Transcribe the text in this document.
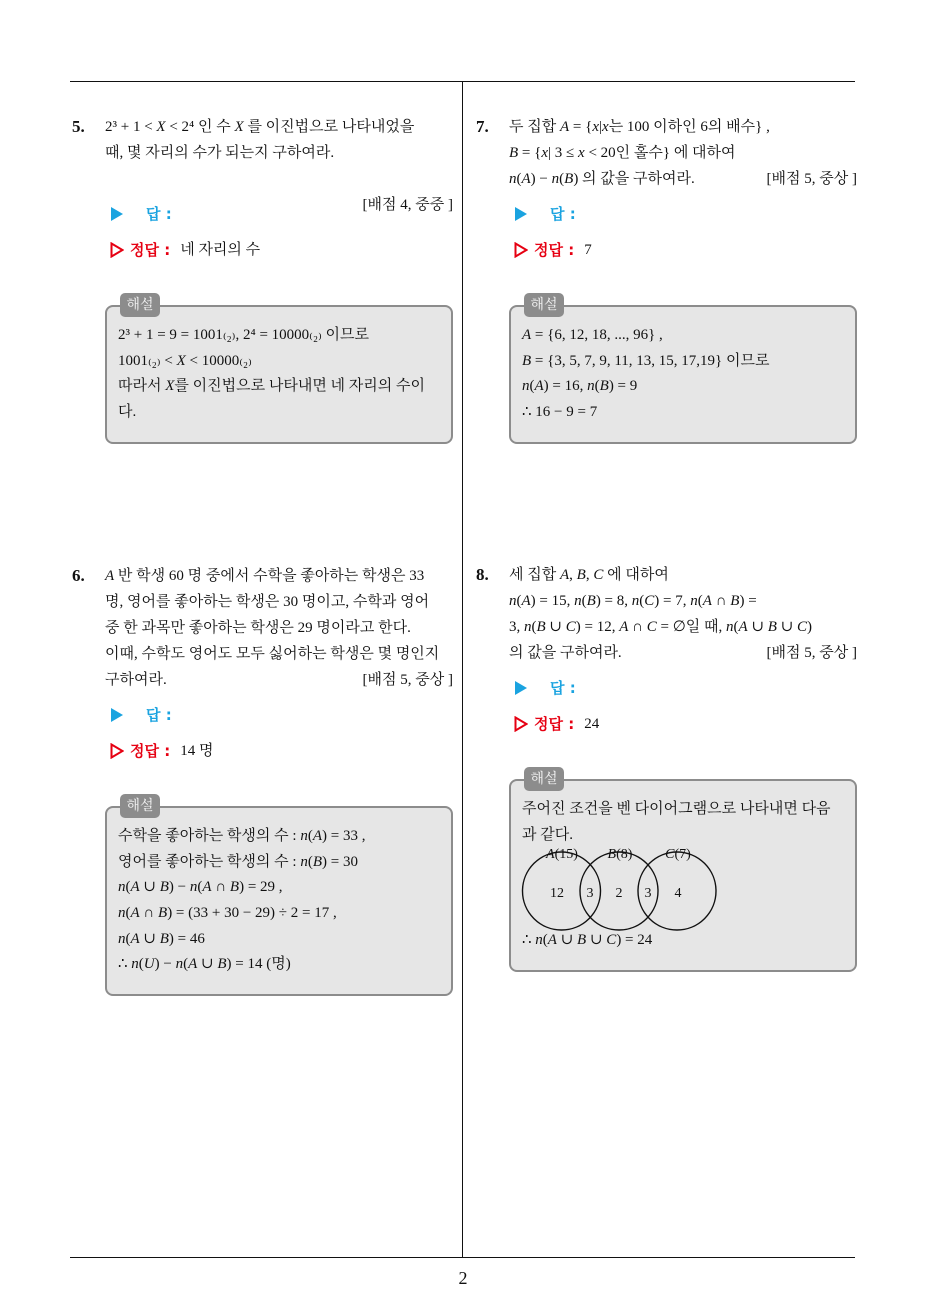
5. 2³ + 1 < X < 2⁴ 인 수 X 를 이진법으로 나타내었을
때, 몇 자리의 수가 되는지 구하여라.

[배점 4, 중중 ]

답 :
정답 : 네 자리의 수
해설
2³ + 1 = 9 = 1001₍₂₎, 2⁴ = 10000₍₂₎ 이므로
1001₍₂₎ < X < 10000₍₂₎
따라서 X를 이진법으로 나타내면 네 자리의 수이
다.
7. 두 집합 A = {x|x는 100 이하인 6의 배수} ,
B = {x| 3 ≤ x < 20인 홀수} 에 대하여
n(A) − n(B) 의 값을 구하여라.	[배점 5, 중상 ]
답 :
정답 : 7
해설
A = {6, 12, 18, ..., 96} ,
B = {3, 5, 7, 9, 11, 13, 15, 17,19} 이므로
n(A) = 16, n(B) = 9
∴ 16 − 9 = 7
6. A 반 학생 60 명 중에서 수학을 좋아하는 학생은 33
명, 영어를 좋아하는 학생은 30 명이고, 수학과 영어
중 한 과목만 좋아하는 학생은 29 명이라고 한다.
이때, 수학도 영어도 모두 싫어하는 학생은 몇 명인지
구하여라.	[배점 5, 중상 ]
답 :
정답 : 14 명
해설
수학을 좋아하는 학생의 수 : n(A) = 33 ,
영어를 좋아하는 학생의 수 : n(B) = 30
n(A ∪ B) − n(A ∩ B) = 29 ,
n(A ∩ B) = (33 + 30 − 29) ÷ 2 = 17 ,
n(A ∪ B) = 46
∴ n(U) − n(A ∪ B) = 14 (명)
8. 세 집합 A, B, C 에 대하여
n(A) = 15, n(B) = 8, n(C) = 7, n(A ∩ B) =
3, n(B ∪ C) = 12, A ∩ C = ∅일 때, n(A ∪ B ∪ C)
의 값을 구하여라.	[배점 5, 중상 ]
답 :
정답 : 24
해설
주어진 조건을 벤 다이어그램으로 나타내면 다음
과 같다.
A(15) B(8) C(7)
12 3 2 3 4
∴ n(A ∪ B ∪ C) = 24
2
